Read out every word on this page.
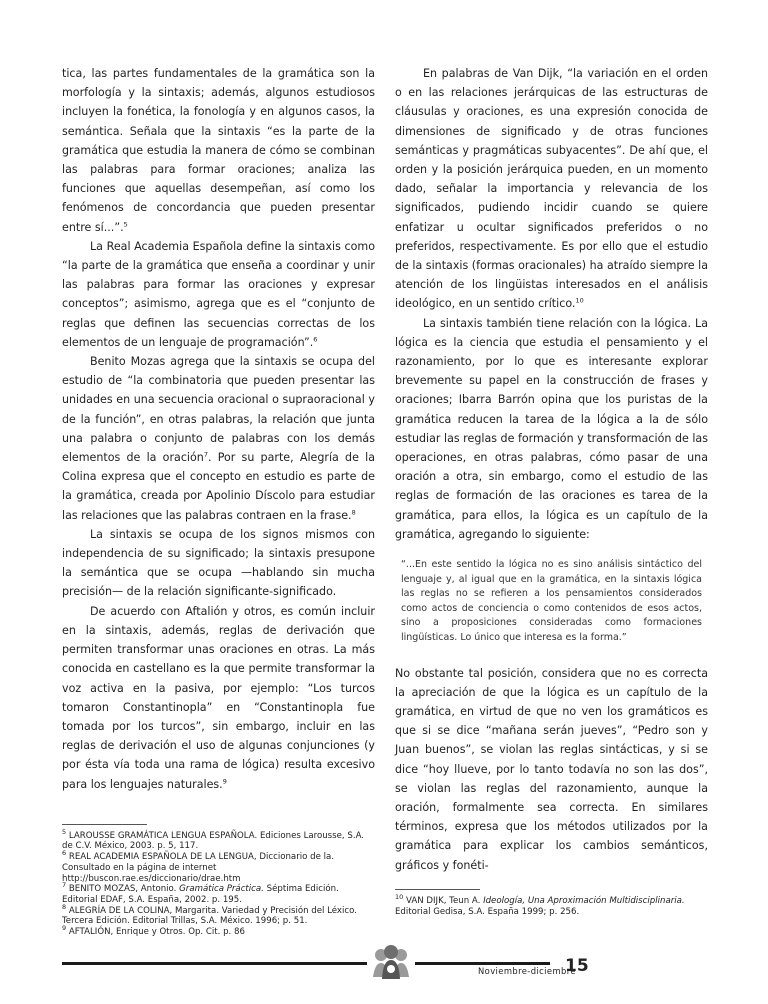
tica, las partes fundamentales de la gramática son la morfología y la sintaxis; además, algunos estudiosos incluyen la fonética, la fonología y en algunos casos, la semántica. Señala que la sintaxis “es la parte de la gramática que estudia la manera de cómo se combinan las palabras para formar oraciones; analiza las funciones que aquellas desempeñan, así como los fenómenos de concordancia que pueden presentar entre sí...”.$^5$

La Real Academia Española define la sintaxis como “la parte de la gramática que enseña a coordinar y unir las palabras para formar las oraciones y expresar conceptos”; asimismo, agrega que es el “conjunto de reglas que definen las secuencias correctas de los elementos de un lenguaje de programación”.$^6$

Benito Mozas agrega que la sintaxis se ocupa del estudio de “la combinatoria que pueden presentar las unidades en una secuencia oracional o supraoracional y de la función”, en otras palabras, la relación que junta una palabra o conjunto de palabras con los demás elementos de la oración$^7$. Por su parte, Alegría de la Colina expresa que el concepto en estudio es parte de la gramática, creada por Apolinio Díscolo para estudiar las relaciones que las palabras contraen en la frase.$^8$

La sintaxis se ocupa de los signos mismos con independencia de su significado; la sintaxis presupone la semántica que se ocupa —hablando sin mucha precisión— de la relación significante-significado.

De acuerdo con Aftalión y otros, es común incluir en la sintaxis, además, reglas de derivación que permiten transformar unas oraciones en otras. La más conocida en castellano es la que permite transformar la voz activa en la pasiva, por ejemplo: “Los turcos tomaron Constantinopla” en “Constantinopla fue tomada por los turcos”, sin embargo, incluir en las reglas de derivación el uso de algunas conjunciones (y por ésta vía toda una rama de lógica) resulta excesivo para los lenguajes naturales.$^9$

$^5$ LAROUSSE GRAMÁTICA LENGUA ESPAÑOLA. Ediciones Larousse, S.A. de C.V. México, 2003. p. 5, 117.

$^6$ REAL ACADEMIA ESPAÑOLA DE LA LENGUA, Diccionario de la. Consultado en la página de internet http://buscon.rae.es/diccionario/drae.htm

$^7$ BENITO MOZAS, Antonio. Gramática Práctica. Séptima Edición. Editorial EDAF, S.A. España, 2002. p. 195.

$^8$ ALEGRÍA DE LA COLINA, Margarita. Variedad y Precisión del Léxico. Tercera Edición. Editorial Trillas, S.A. México. 1996; p. 51.

$^9$ AFTALIÓN, Enrique y Otros. Op. Cit. p. 86

En palabras de Van Dijk, “la variación en el orden o en las relaciones jerárquicas de las estructuras de cláusulas y oraciones, es una expresión conocida de dimensiones de significado y de otras funciones semánticas y pragmáticas subyacentes”. De ahí que, el orden y la posición jerárquica pueden, en un momento dado, señalar la importancia y relevancia de los significados, pudiendo incidir cuando se quiere enfatizar u ocultar significados preferidos o no preferidos, respectivamente. Es por ello que el estudio de la sintaxis (formas oracionales) ha atraído siempre la atención de los lingüistas interesados en el análisis ideológico, en un sentido crítico.$^{10}$

La sintaxis también tiene relación con la lógica. La lógica es la ciencia que estudia el pensamiento y el razonamiento, por lo que es interesante explorar brevemente su papel en la construcción de frases y oraciones; Ibarra Barrón opina que los puristas de la gramática reducen la tarea de la lógica a la de sólo estudiar las reglas de formación y transformación de las operaciones, en otras palabras, cómo pasar de una oración a otra, sin embargo, como el estudio de las reglas de formación de las oraciones es tarea de la gramática, para ellos, la lógica es un capítulo de la gramática, agregando lo siguiente:

“...En este sentido la lógica no es sino análisis sintáctico del lenguaje y, al igual que en la gramática, en la sintaxis lógica las reglas no se refieren a los pensamientos considerados como actos de conciencia o como contenidos de esos actos, sino a proposiciones consideradas como formaciones lingüísticas. Lo único que interesa es la forma.”

No obstante tal posición, considera que no es correcta la apreciación de que la lógica es un capítulo de la gramática, en virtud de que no ven los gramáticos es que si se dice “mañana serán jueves”, “Pedro son y Juan buenos”, se violan las reglas sintácticas, y si se dice “hoy llueve, por lo tanto todavía no son las dos”, se violan las reglas del razonamiento, aunque la oración, formalmente sea correcta. En similares términos, expresa que los métodos utilizados por la gramática para explicar los cambios semánticos, gráficos y fonéti-

$^{10}$ VAN DIJK, Teun A. Ideología, Una Aproximación Multidisciplinaria. Editorial Gedisa, S.A. España 1999; p. 256.

Noviembre-diciembre
15
